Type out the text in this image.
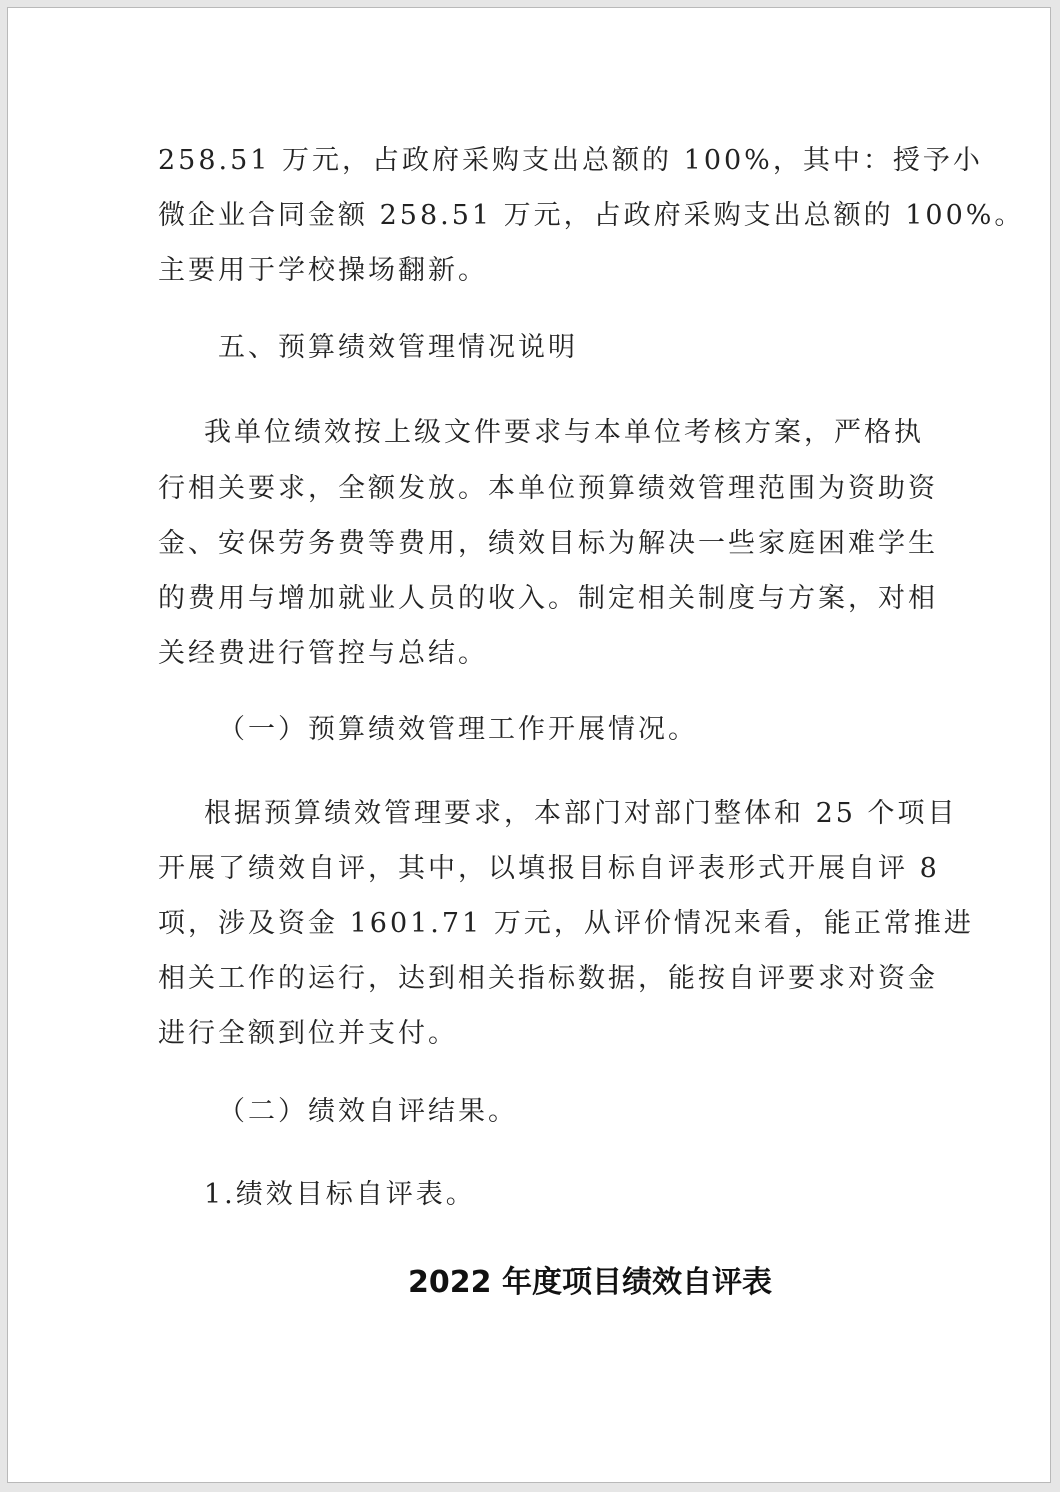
258.51 万元，占政府采购支出总额的 100%，其中：授予小
微企业合同金额 258.51 万元，占政府采购支出总额的 100%。
主要用于学校操场翻新。
五、预算绩效管理情况说明
我单位绩效按上级文件要求与本单位考核方案，严格执
行相关要求，全额发放。本单位预算绩效管理范围为资助资
金、安保劳务费等费用，绩效目标为解决一些家庭困难学生
的费用与增加就业人员的收入。制定相关制度与方案，对相
关经费进行管控与总结。
（一）预算绩效管理工作开展情况。
根据预算绩效管理要求，本部门对部门整体和 25 个项目
开展了绩效自评，其中，以填报目标自评表形式开展自评 8
项，涉及资金 1601.71 万元，从评价情况来看，能正常推进
相关工作的运行，达到相关指标数据，能按自评要求对资金
进行全额到位并支付。
（二）绩效自评结果。
1.绩效目标自评表。
2022 年度项目绩效自评表
